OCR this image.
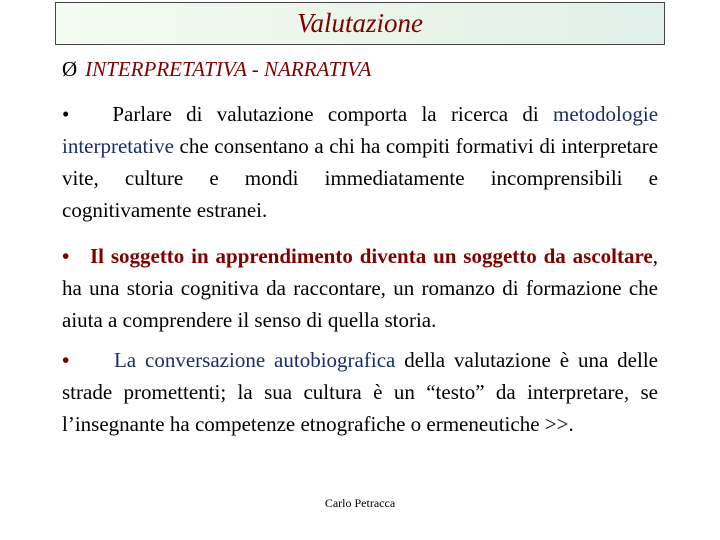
Valutazione
Ø INTERPRETATIVA - NARRATIVA
• Parlare di valutazione comporta la ricerca di metodologie interpretative che consentano a chi ha compiti formativi di interpretare vite, culture e mondi immediatamente incomprensibili e cognitivamente estranei.
• Il soggetto in apprendimento diventa un soggetto da ascoltare, ha una storia cognitiva da raccontare, un romanzo di formazione che aiuta a comprendere il senso di quella storia.
• La conversazione autobiografica della valutazione è una delle strade promettenti; la sua cultura è un “testo” da interpretare, se l’insegnante ha competenze etnografiche o ermeneutiche >>.
Carlo Petracca
